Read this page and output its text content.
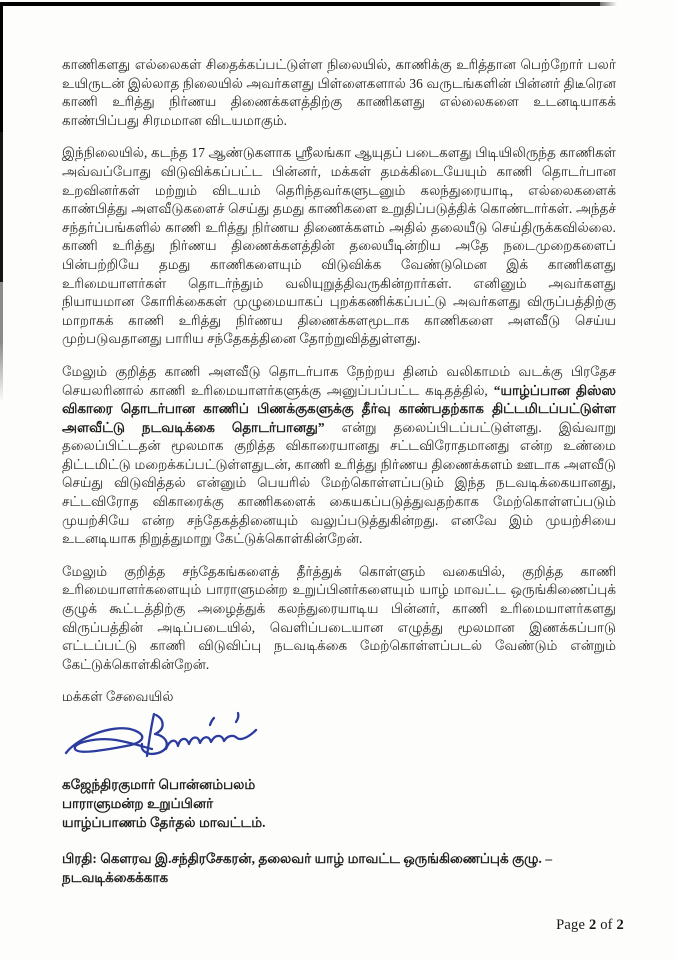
காணிகளது எல்லைகள் சிதைக்கப்பட்டுள்ள நிலையில், காணிக்கு உரித்தான பெற்றோர் பலர் உயிருடன் இல்லாத நிலையில் அவர்களது பிள்ளைகளால் 36 வருடங்களின் பின்னர் திடீரென காணி உரித்து நிர்ணய திணைக்களத்திற்கு காணிகளது எல்லைகளை உடனடியாகக் காண்பிப்பது சிரமமான விடயமாகும்.

இந்நிலையில், கடந்த 17 ஆண்டுகளாக ஸ்ரீலங்கா ஆயுதப் படைகளது பிடியிலிருந்த காணிகள் அவ்வப்போது விடுவிக்கப்பட்ட பின்னர், மக்கள் தமக்கிடையேயும் காணி தொடர்பான உறவினர்கள் மற்றும் விடயம் தெரிந்தவர்களுடனும் கலந்துரையாடி, எல்லைகளைக் காண்பித்து அளவீடுகளைச் செய்து தமது காணிகளை உறுதிப்படுத்திக் கொண்டார்கள். அந்தச் சந்தர்ப்பங்களில் காணி உரித்து நிர்ணய திணைக்களம் அதில் தலையீடு செய்திருக்கவில்லை. காணி உரித்து நிர்ணய திணைக்களத்தின் தலையீடின்றிய அதே நடைமுறைகளைப் பின்பற்றியே தமது காணிகளையும் விடுவிக்க வேண்டுமென இக் காணிகளது உரிமையாளர்கள் தொடர்ந்தும் வலியுறுத்திவருகின்றார்கள். எனினும் அவர்களது நியாயமான கோரிக்கைகள் முழுமையாகப் புறக்கணிக்கப்பட்டு அவர்களது விருப்பத்திற்கு மாறாகக் காணி உரித்து நிர்ணய திணைக்களமூடாக காணிகளை அளவீடு செய்ய முற்படுவதானது பாரிய சந்தேகத்தினை தோற்றுவித்துள்ளது.

மேலும் குறித்த காணி அளவீடு தொடர்பாக நேற்றய தினம் வலிகாமம் வடக்கு பிரதேச செயலரினால் காணி உரிமையாளர்களுக்கு அனுப்பப்பட்ட கடிதத்தில், “யாழ்ப்பான திஸ்ஸ விகாரை தொடர்பான காணிப் பிணக்குகளுக்கு தீர்வு காண்பதற்காக திட்டமிடப்பட்டுள்ள அளவீட்டு நடவடிக்கை தொடர்பானது” என்று தலைப்பிடப்பட்டுள்ளது. இவ்வாறு தலைப்பிட்டதன் மூலமாக குறித்த விகாரையானது சட்டவிரோதமானது என்ற உண்மை திட்டமிட்டு மறைக்கப்பட்டுள்ளதுடன், காணி உரித்து நிர்ணய திணைக்களம் ஊடாக அளவீடு செய்து விடுவித்தல் என்னும் பெயரில் மேற்கொள்ளப்படும் இந்த நடவடிக்கையானது, சட்டவிரோத விகாரைக்கு காணிகளைக் கையகப்படுத்துவதற்காக மேற்கொள்ளப்படும் முயற்சியே என்ற சந்தேகத்தினையும் வலுப்படுத்துகின்றது. எனவே இம் முயற்சியை உடனடியாக நிறுத்துமாறு கேட்டுக்கொள்கின்றேன்.

மேலும் குறித்த சந்தேகங்களைத் தீர்த்துக் கொள்ளும் வகையில், குறித்த காணி உரிமையாளர்களையும் பாராளுமன்ற உறுப்பினர்களையும் யாழ் மாவட்ட ஒருங்கிணைப்புக் குழுக் கூட்டத்திற்கு அழைத்துக் கலந்துரையாடிய பின்னர், காணி உரிமையாளர்களது விருப்பத்தின் அடிப்படையில், வெளிப்படையான எழுத்து மூலமான இணக்கப்பாடு எட்டப்பட்டு காணி விடுவிப்பு நடவடிக்கை மேற்கொள்ளப்படல் வேண்டும் என்றும் கேட்டுக்கொள்கின்றேன்.

மக்கள் சேவையில்

கஜேந்திரகுமார் பொன்னம்பலம்
பாராளுமன்ற உறுப்பினர்
யாழ்ப்பாணம் தேர்தல் மாவட்டம்.

பிரதி: கௌரவ இ.சந்திரசேகரன், தலைவர் யாழ் மாவட்ட ஒருங்கிணைப்புக் குழு. – நடவடிக்கைக்காக

Page 2 of 2
